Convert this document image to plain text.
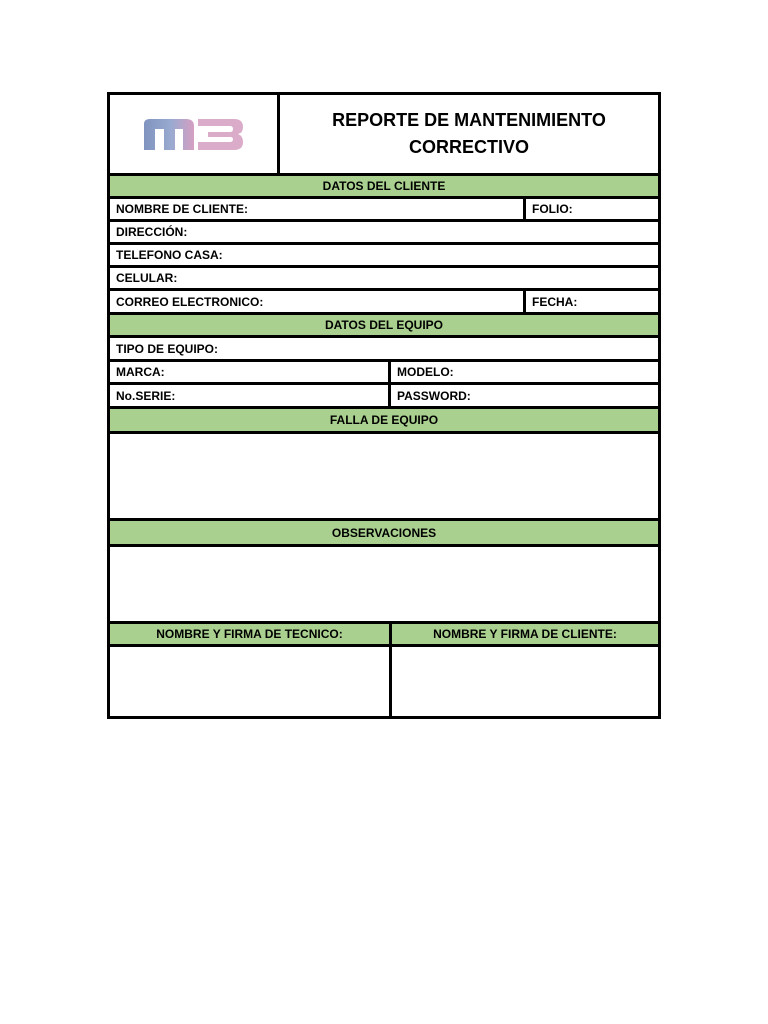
REPORTE DE MANTENIMIENTO
CORRECTIVO
DATOS DEL CLIENTE
NOMBRE DE CLIENTE:	FOLIO:
DIRECCIÓN:
TELEFONO CASA:
CELULAR:
CORREO ELECTRONICO:	FECHA:
DATOS DEL EQUIPO
TIPO DE EQUIPO:
MARCA:	MODELO:
No.SERIE:	PASSWORD:
FALLA DE EQUIPO
OBSERVACIONES
NOMBRE Y FIRMA DE TECNICO:	NOMBRE Y FIRMA DE CLIENTE:
